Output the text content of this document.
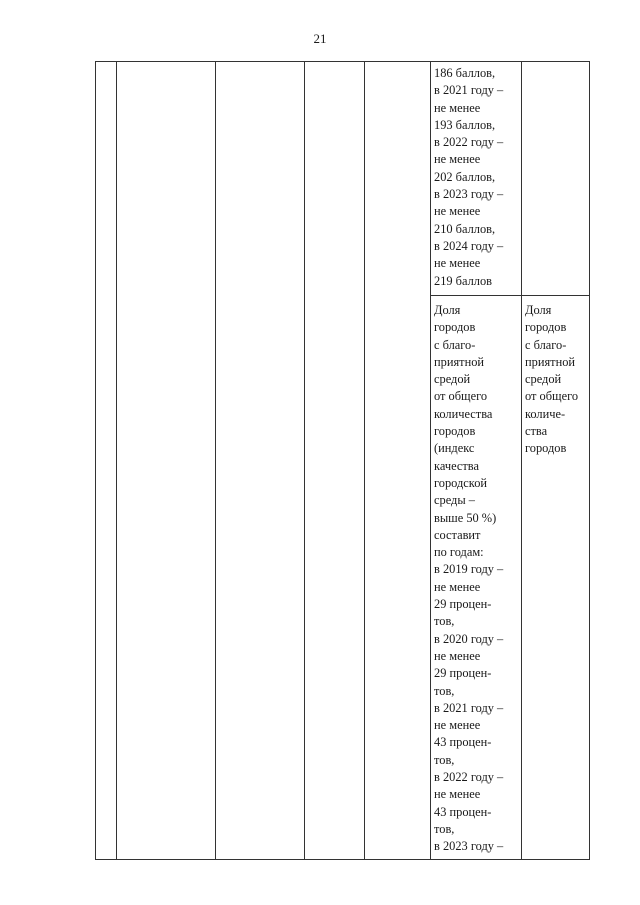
21
186 баллов,
в 2021 году –
не менее
193 баллов,
в 2022 году –
не менее
202 баллов,
в 2023 году –
не менее
210 баллов,
в 2024 году –
не менее
219 баллов
Доля
городов
с благо-
приятной
средой
от общего
количества
городов
(индекс
качества
городской
среды –
выше 50 %)
составит
по годам:
в 2019 году –
не менее
29 процен-
тов,
в 2020 году –
не менее
29 процен-
тов,
в 2021 году –
не менее
43 процен-
тов,
в 2022 году –
не менее
43 процен-
тов,
в 2023 году –
Доля
городов
с благо-
приятной
средой
от общего
количе-
ства
городов
